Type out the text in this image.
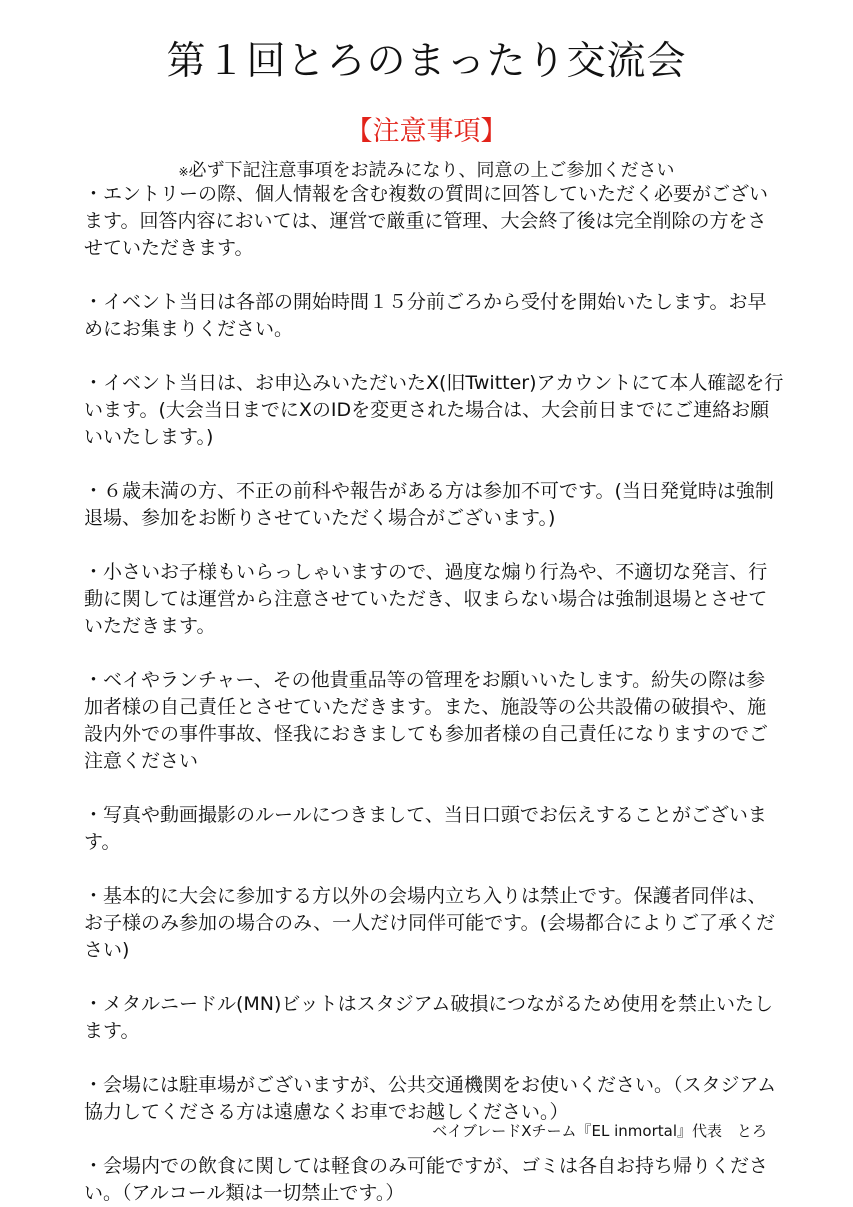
第１回とろのまったり交流会
【注意事項】
※必ず下記注意事項をお読みになり、同意の上ご参加ください

・エントリーの際、個人情報を含む複数の質問に回答していただく必要がございます。回答内容においては、運営で厳重に管理、大会終了後は完全削除の方をさせていただきます。

・イベント当日は各部の開始時間１５分前ごろから受付を開始いたします。お早めにお集まりください。

・イベント当日は、お申込みいただいたX(旧Twitter)アカウントにて本人確認を行います。(大会当日までにXのIDを変更された場合は、大会前日までにご連絡お願いいたします。)

・６歳未満の方、不正の前科や報告がある方は参加不可です。(当日発覚時は強制退場、参加をお断りさせていただく場合がございます。)

・小さいお子様もいらっしゃいますので、過度な煽り行為や、不適切な発言、行動に関しては運営から注意させていただき、収まらない場合は強制退場とさせていただきます。

・ベイやランチャー、その他貴重品等の管理をお願いいたします。紛失の際は参加者様の自己責任とさせていただきます。また、施設等の公共設備の破損や、施設内外での事件事故、怪我におきましても参加者様の自己責任になりますのでご注意ください

・写真や動画撮影のルールにつきまして、当日口頭でお伝えすることがございます。

・基本的に大会に参加する方以外の会場内立ち入りは禁止です。保護者同伴は、お子様のみ参加の場合のみ、一人だけ同伴可能です。(会場都合によりご了承ください)

・メタルニードル(MN)ビットはスタジアム破損につながるため使用を禁止いたします。

・会場には駐車場がございますが、公共交通機関をお使いください。（スタジアム協力してくださる方は遠慮なくお車でお越しください。）

・会場内での飲食に関しては軽食のみ可能ですが、ゴミは各自お持ち帰りください。（アルコール類は一切禁止です。）

ベイブレードXチーム『EL inmortal』代表　とろ
